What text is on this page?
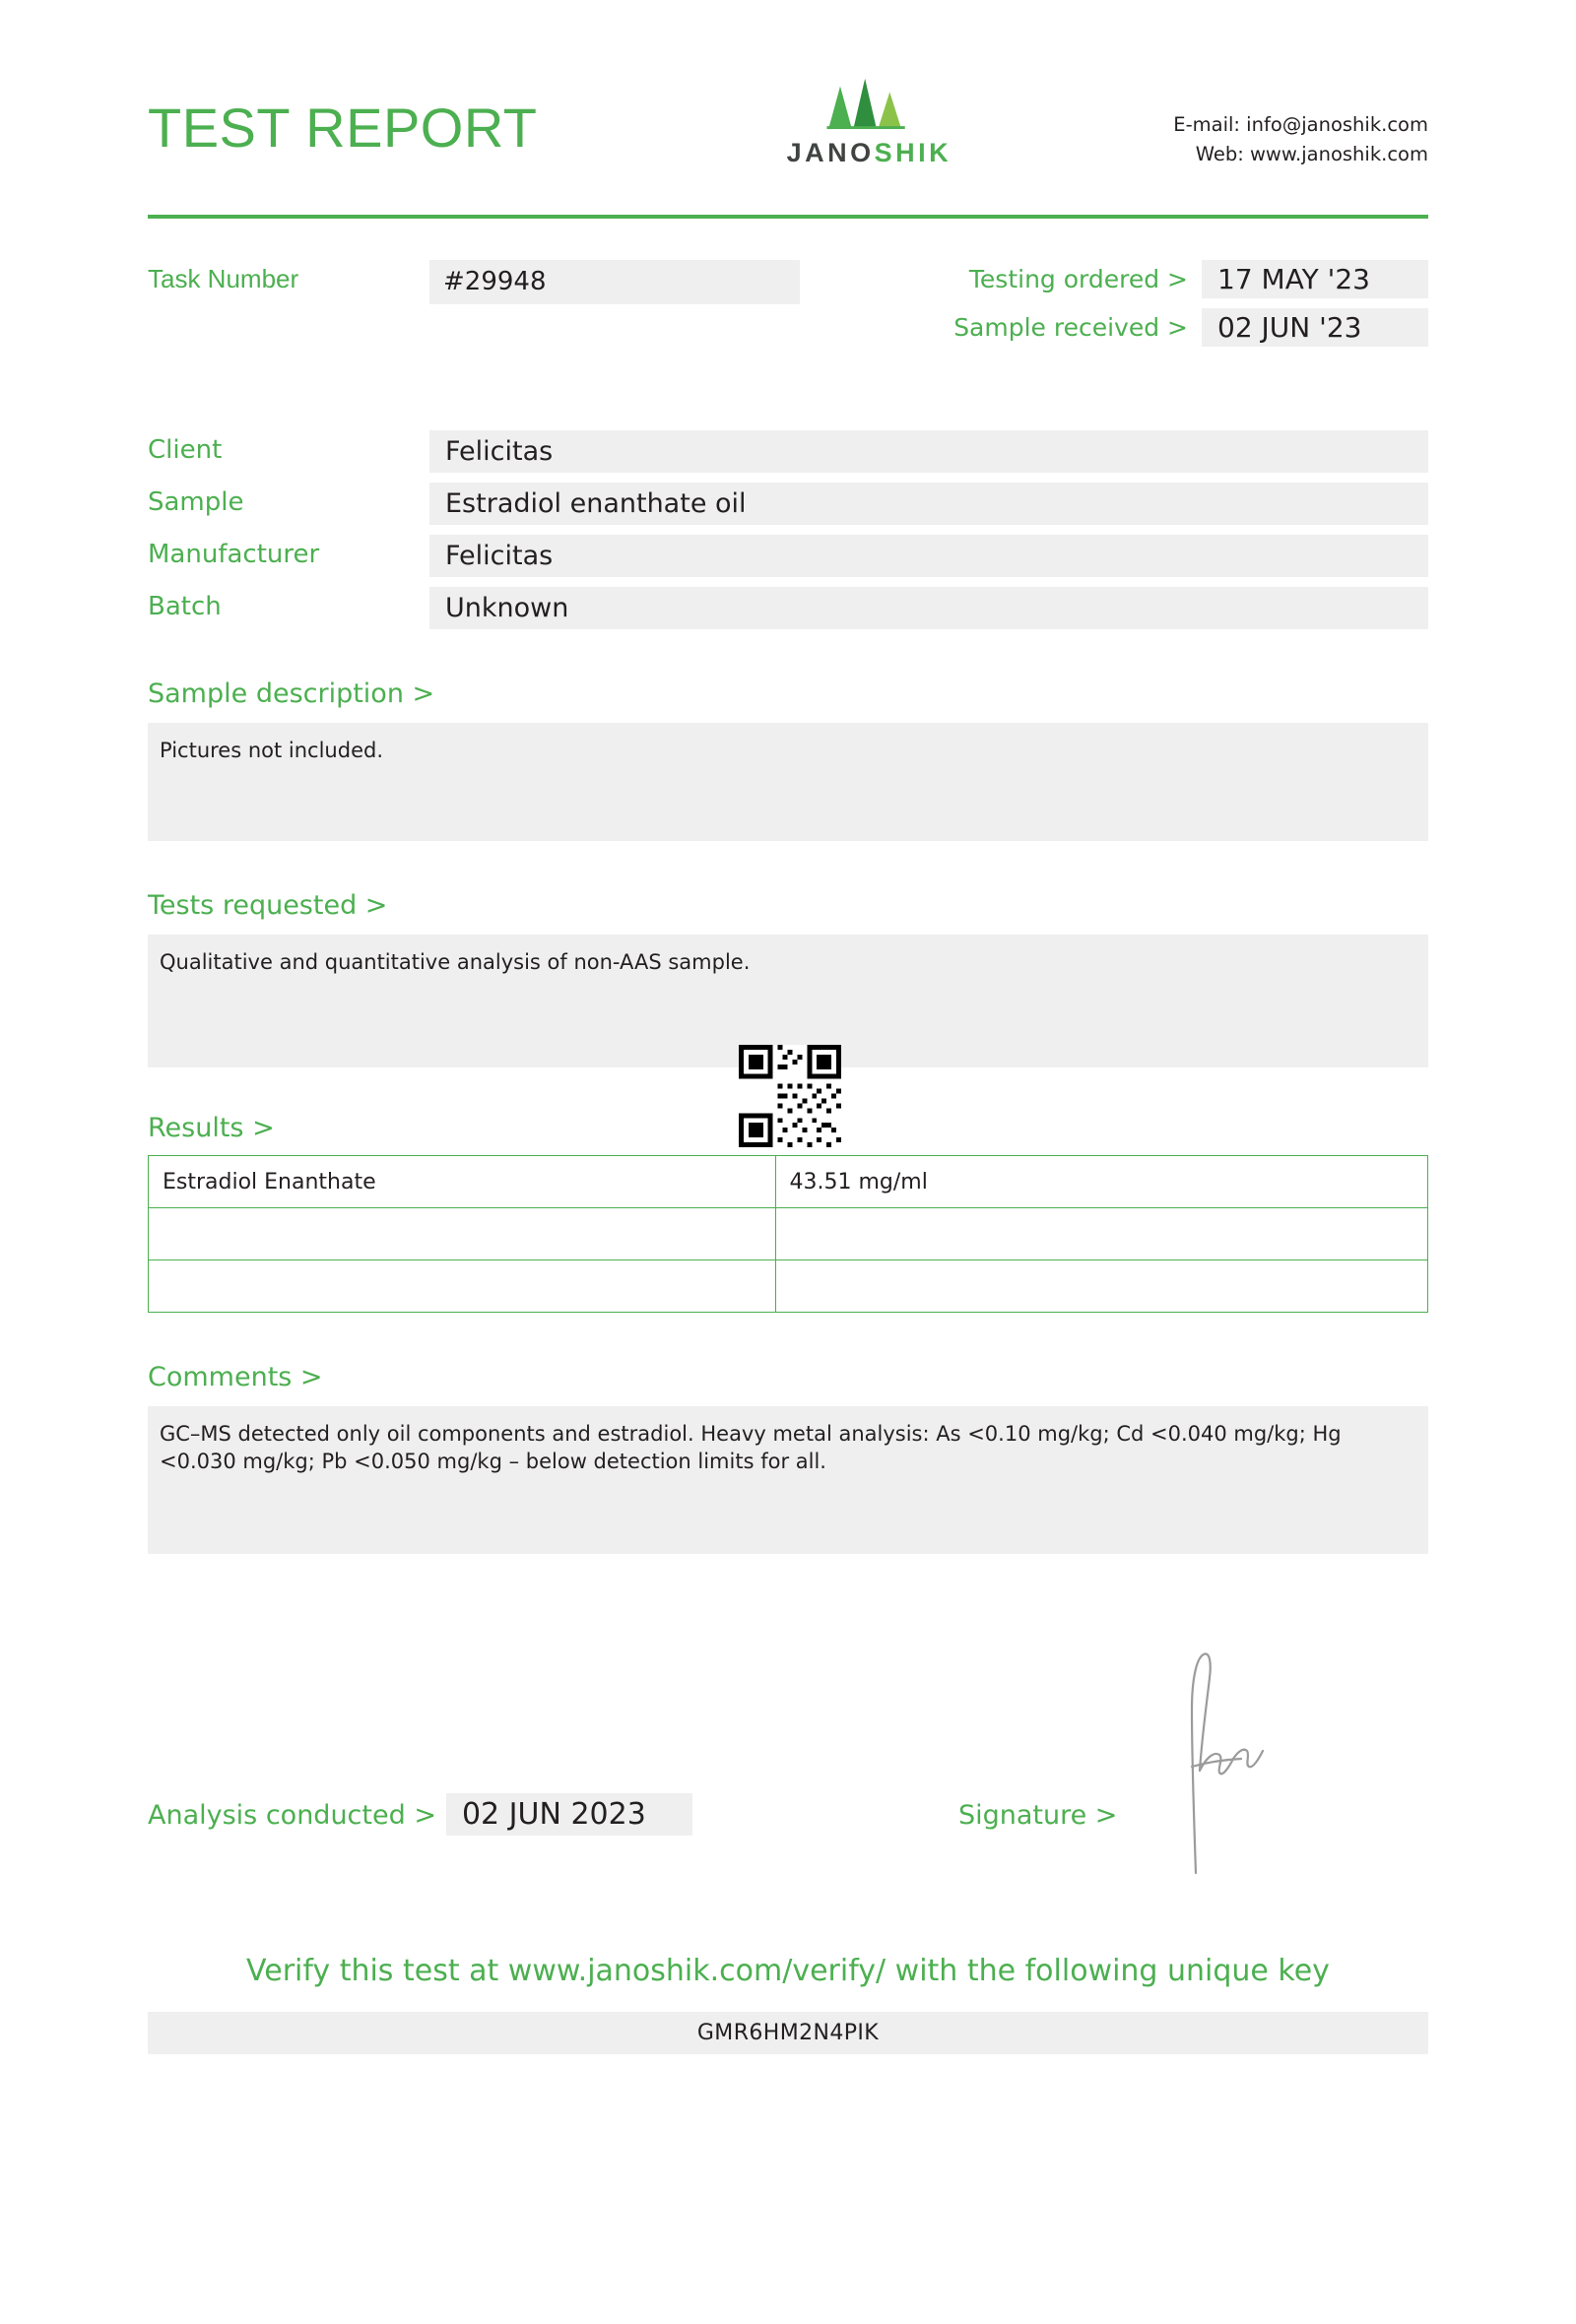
TEST REPORT	JANOSHIK
E-mail: info@janoshik.com
Web: www.janoshik.com
Task Number	#29948	Testing ordered >	17 MAY '23
Sample received >	02 JUN '23
Client	Felicitas
Sample	Estradiol enanthate oil
Manufacturer	Felicitas
Batch	Unknown
Sample description >
Pictures not included.
Tests requested >
Qualitative and quantitative analysis of non-AAS sample.
Results >
Estradiol Enanthate	43.51 mg/ml

Comments >
GC–MS detected only oil components and estradiol. Heavy metal analysis: As <0.10 mg/kg; Cd <0.040 mg/kg; Hg <0.030 mg/kg; Pb <0.050 mg/kg – below detection limits for all.
Analysis conducted > 02 JUN 2023	Signature >
Verify this test at www.janoshik.com/verify/ with the following unique key
GMR6HM2N4PIK
